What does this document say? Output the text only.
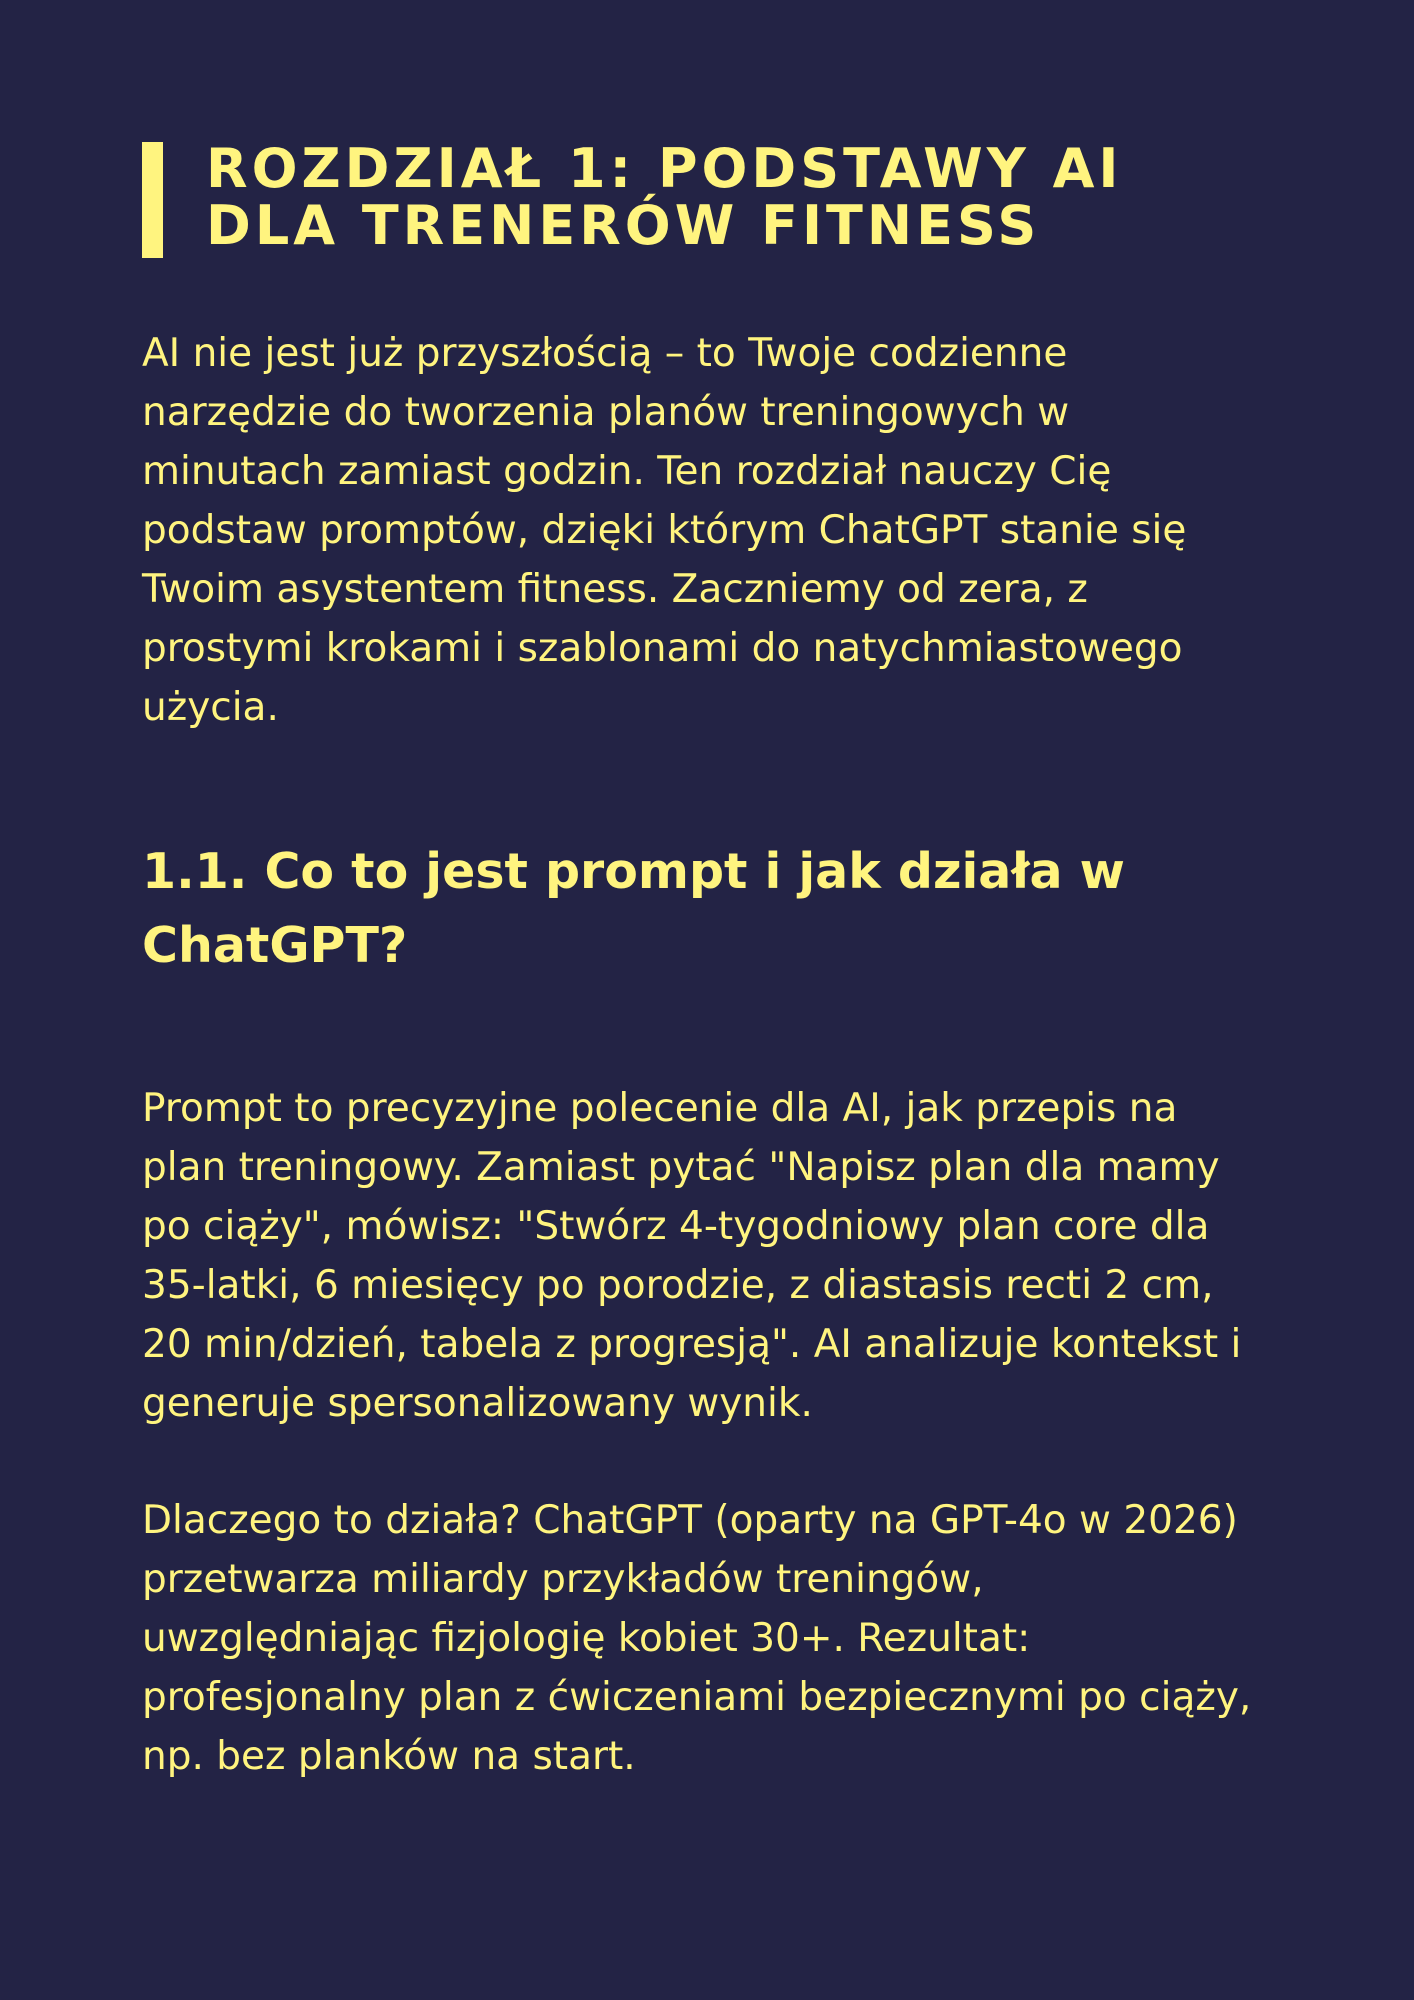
ROZDZIAŁ 1: PODSTAWY AI DLA TRENERÓW FITNESS

AI nie jest już przyszłością – to Twoje codzienne narzędzie do tworzenia planów treningowych w minutach zamiast godzin. Ten rozdział nauczy Cię podstaw promptów, dzięki którym ChatGPT stanie się Twoim asystentem fitness. Zaczniemy od zera, z prostymi krokami i szablonami do natychmiastowego użycia.

1.1. Co to jest prompt i jak działa w ChatGPT?

Prompt to precyzyjne polecenie dla AI, jak przepis na plan treningowy. Zamiast pytać "Napisz plan dla mamy po ciąży", mówisz: "Stwórz 4-tygodniowy plan core dla 35-latki, 6 miesięcy po porodzie, z diastasis recti 2 cm, 20 min/dzień, tabela z progresją". AI analizuje kontekst i generuje spersonalizowany wynik.

Dlaczego to działa? ChatGPT (oparty na GPT-4o w 2026) przetwarza miliardy przykładów treningów, uwzględniając fizjologię kobiet 30+. Rezultat: profesjonalny plan z ćwiczeniami bezpiecznymi po ciąży, np. bez planków na start.
